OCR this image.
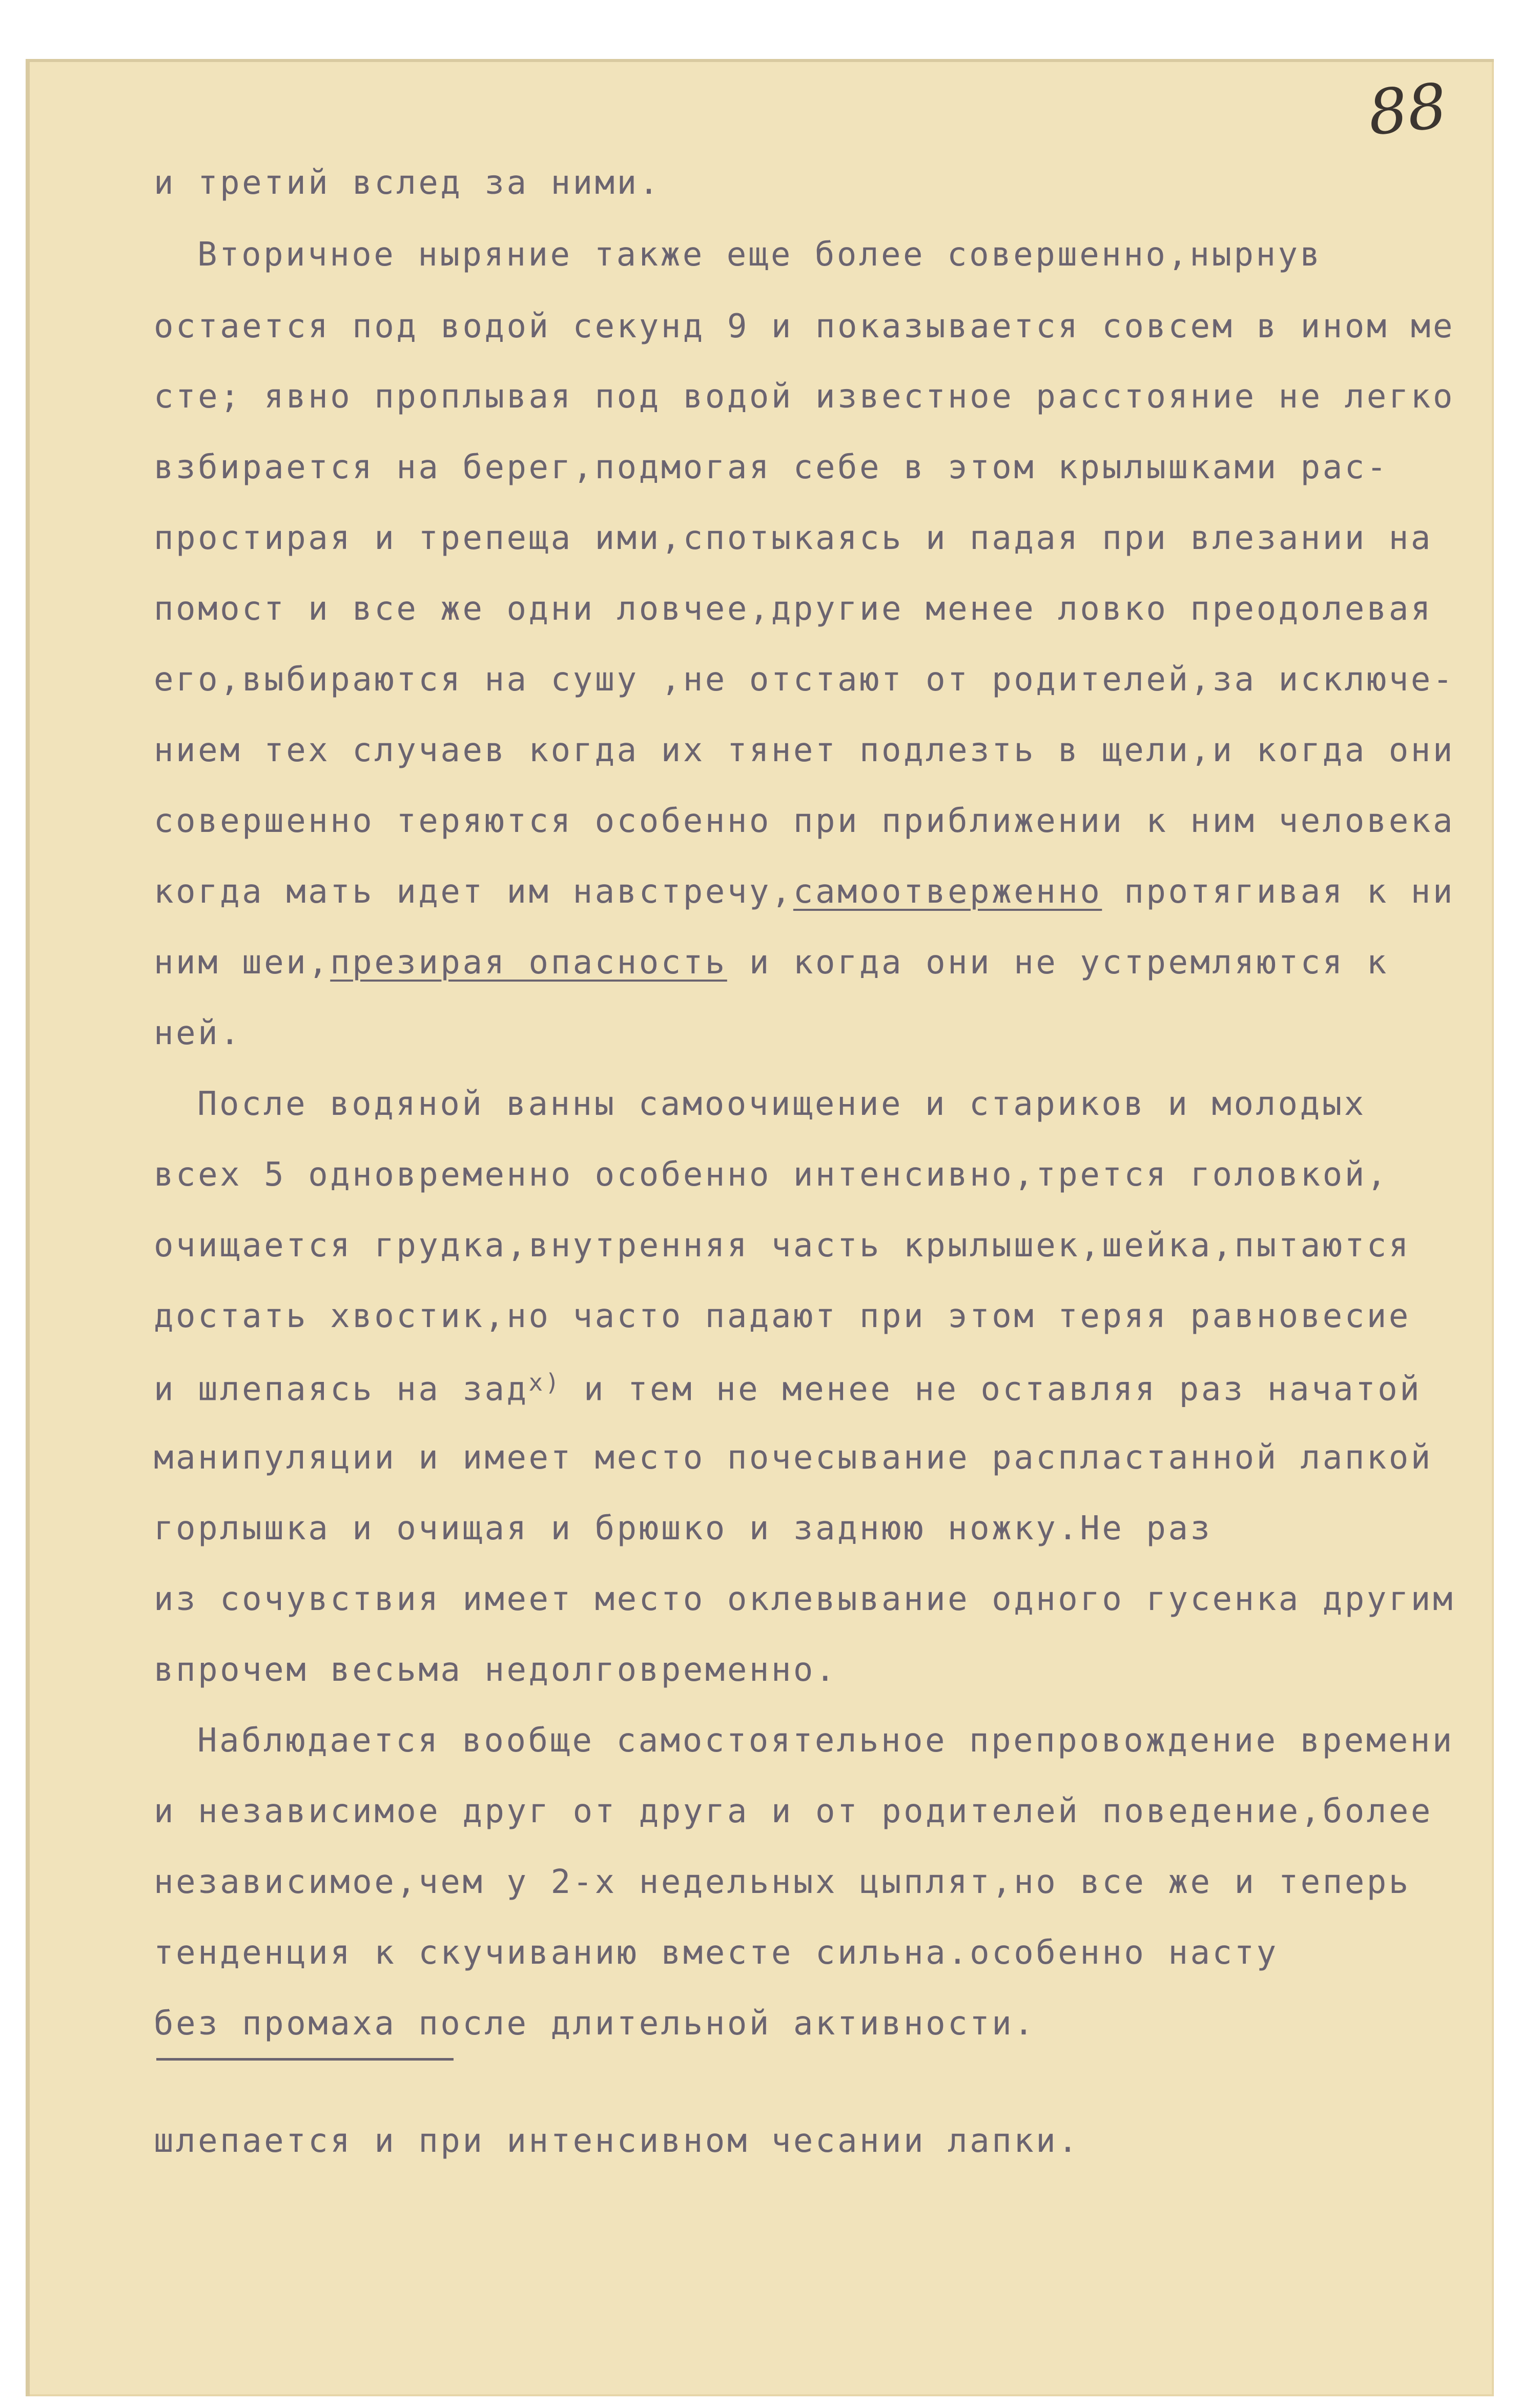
88
и третий вслед за ними.
Вторичное ныряние также еще более совершенно,нырнув
остается под водой секунд 9 и показывается совсем в ином ме
сте; явно проплывая под водой известное расстояние не легко
взбирается на берег,подмогая себе в этом крылышками рас-
простирая и трепеща ими,спотыкаясь и падая при влезании на
помост и все же одни ловчее,другие менее ловко преодолевая
его,выбираются на сушу ,не отстают от родителей,за исключе-
нием тех случаев когда их тянет подлезть в щели,и когда они
совершенно теряются особенно при приближении к ним человека
когда мать идет им навстречу,самоотверженно протягивая к ни
ним шеи,презирая опасность и когда они не устремляются к
ней.
После водяной ванны самоочищение и стариков и молодых
всех 5 одновременно особенно интенсивно,трется головкой,
очищается грудка,внутренняя часть крылышек,шейка,пытаются
достать хвостик,но часто падают при этом теряя равновесие
и шлепаясь на зад$^{x)}$ и тем не менее не оставляя раз начатой
манипуляции и имеет место почесывание распластанной лапкой
горлышка и очищая и брюшко и заднюю ножку.Не раз
из сочувствия имеет место оклевывание одного гусенка другим
впрочем весьма недолговременно.
Наблюдается вообще самостоятельное препровождение времени
и независимое друг от друга и от родителей поведение,более
независимое,чем у 2-х недельных цыплят,но все же и теперь
тенденция к скучиванию вместе сильна.особенно насту
без промаха после длительной активности.
шлепается и при интенсивном чесании лапки.
